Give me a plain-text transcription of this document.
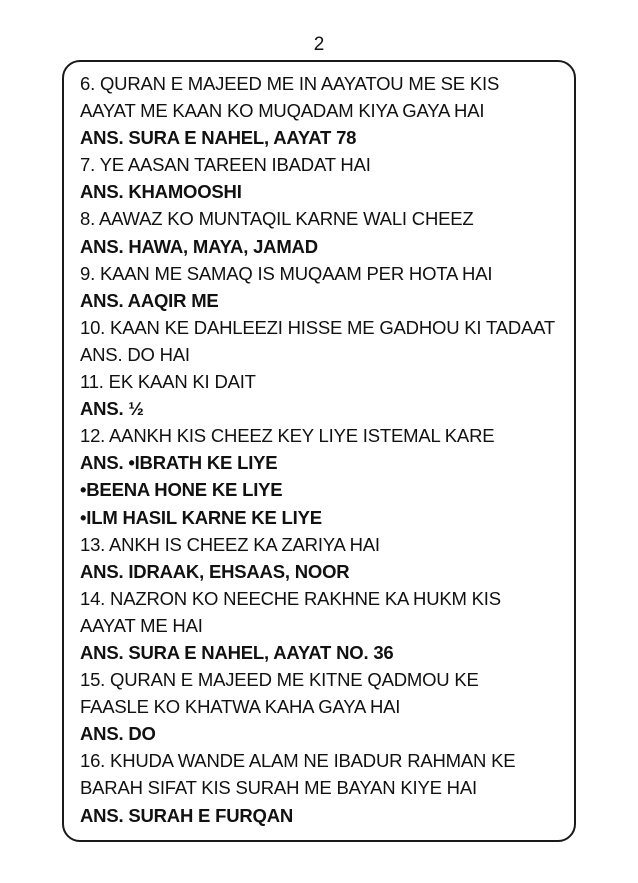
2
6. QURAN E MAJEED ME IN AAYATOU ME SE KIS
AAYAT ME KAAN KO MUQADAM KIYA GAYA HAI
ANS. SURA E NAHEL, AAYAT 78
7. YE AASAN TAREEN IBADAT HAI
ANS. KHAMOOSHI
8. AAWAZ KO MUNTAQIL KARNE WALI CHEEZ
ANS. HAWA, MAYA, JAMAD
9. KAAN ME SAMAQ IS MUQAAM PER HOTA HAI
ANS. AAQIR ME
10. KAAN KE DAHLEEZI HISSE ME GADHOU KI TADAAT
ANS. DO HAI
11. EK KAAN KI DAIT
ANS. ½
12. AANKH KIS CHEEZ KEY LIYE ISTEMAL KARE
ANS. •IBRATH KE LIYE
•BEENA HONE KE LIYE
•ILM HASIL KARNE KE LIYE
13. ANKH IS CHEEZ KA ZARIYA HAI
ANS. IDRAAK, EHSAAS, NOOR
14. NAZRON KO NEECHE RAKHNE KA HUKM KIS
AAYAT ME HAI
ANS. SURA E NAHEL, AAYAT NO. 36
15. QURAN E MAJEED ME KITNE QADMOU KE
FAASLE KO KHATWA KAHA GAYA HAI
ANS. DO
16. KHUDA WANDE ALAM NE IBADUR RAHMAN KE
BARAH SIFAT KIS SURAH ME BAYAN KIYE HAI
ANS. SURAH E FURQAN
